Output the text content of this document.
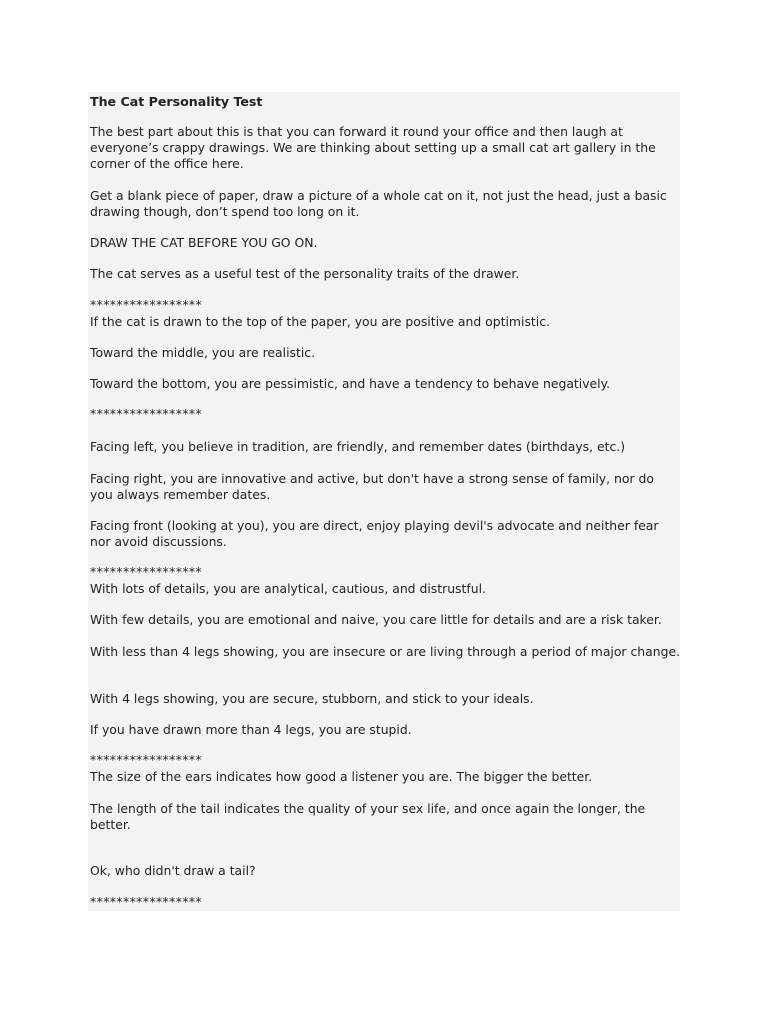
The Cat Personality Test

The best part about this is that you can forward it round your office and then laugh at everyone’s crappy drawings. We are thinking about setting up a small cat art gallery in the corner of the office here.

Get a blank piece of paper, draw a picture of a whole cat on it, not just the head, just a basic drawing though, don’t spend too long on it.

DRAW THE CAT BEFORE YOU GO ON.

The cat serves as a useful test of the personality traits of the drawer.

*****************

If the cat is drawn to the top of the paper, you are positive and optimistic.

Toward the middle, you are realistic.

Toward the bottom, you are pessimistic, and have a tendency to behave negatively.

*****************

Facing left, you believe in tradition, are friendly, and remember dates (birthdays, etc.)

Facing right, you are innovative and active, but don't have a strong sense of family, nor do you always remember dates.

Facing front (looking at you), you are direct, enjoy playing devil's advocate and neither fear nor avoid discussions.

*****************

With lots of details, you are analytical, cautious, and distrustful.

With few details, you are emotional and naive, you care little for details and are a risk taker.

With less than 4 legs showing, you are insecure or are living through a period of major change.

With 4 legs showing, you are secure, stubborn, and stick to your ideals.

If you have drawn more than 4 legs, you are stupid.

*****************

The size of the ears indicates how good a listener you are. The bigger the better.

The length of the tail indicates the quality of your sex life, and once again the longer, the better.

Ok, who didn't draw a tail?

*****************
